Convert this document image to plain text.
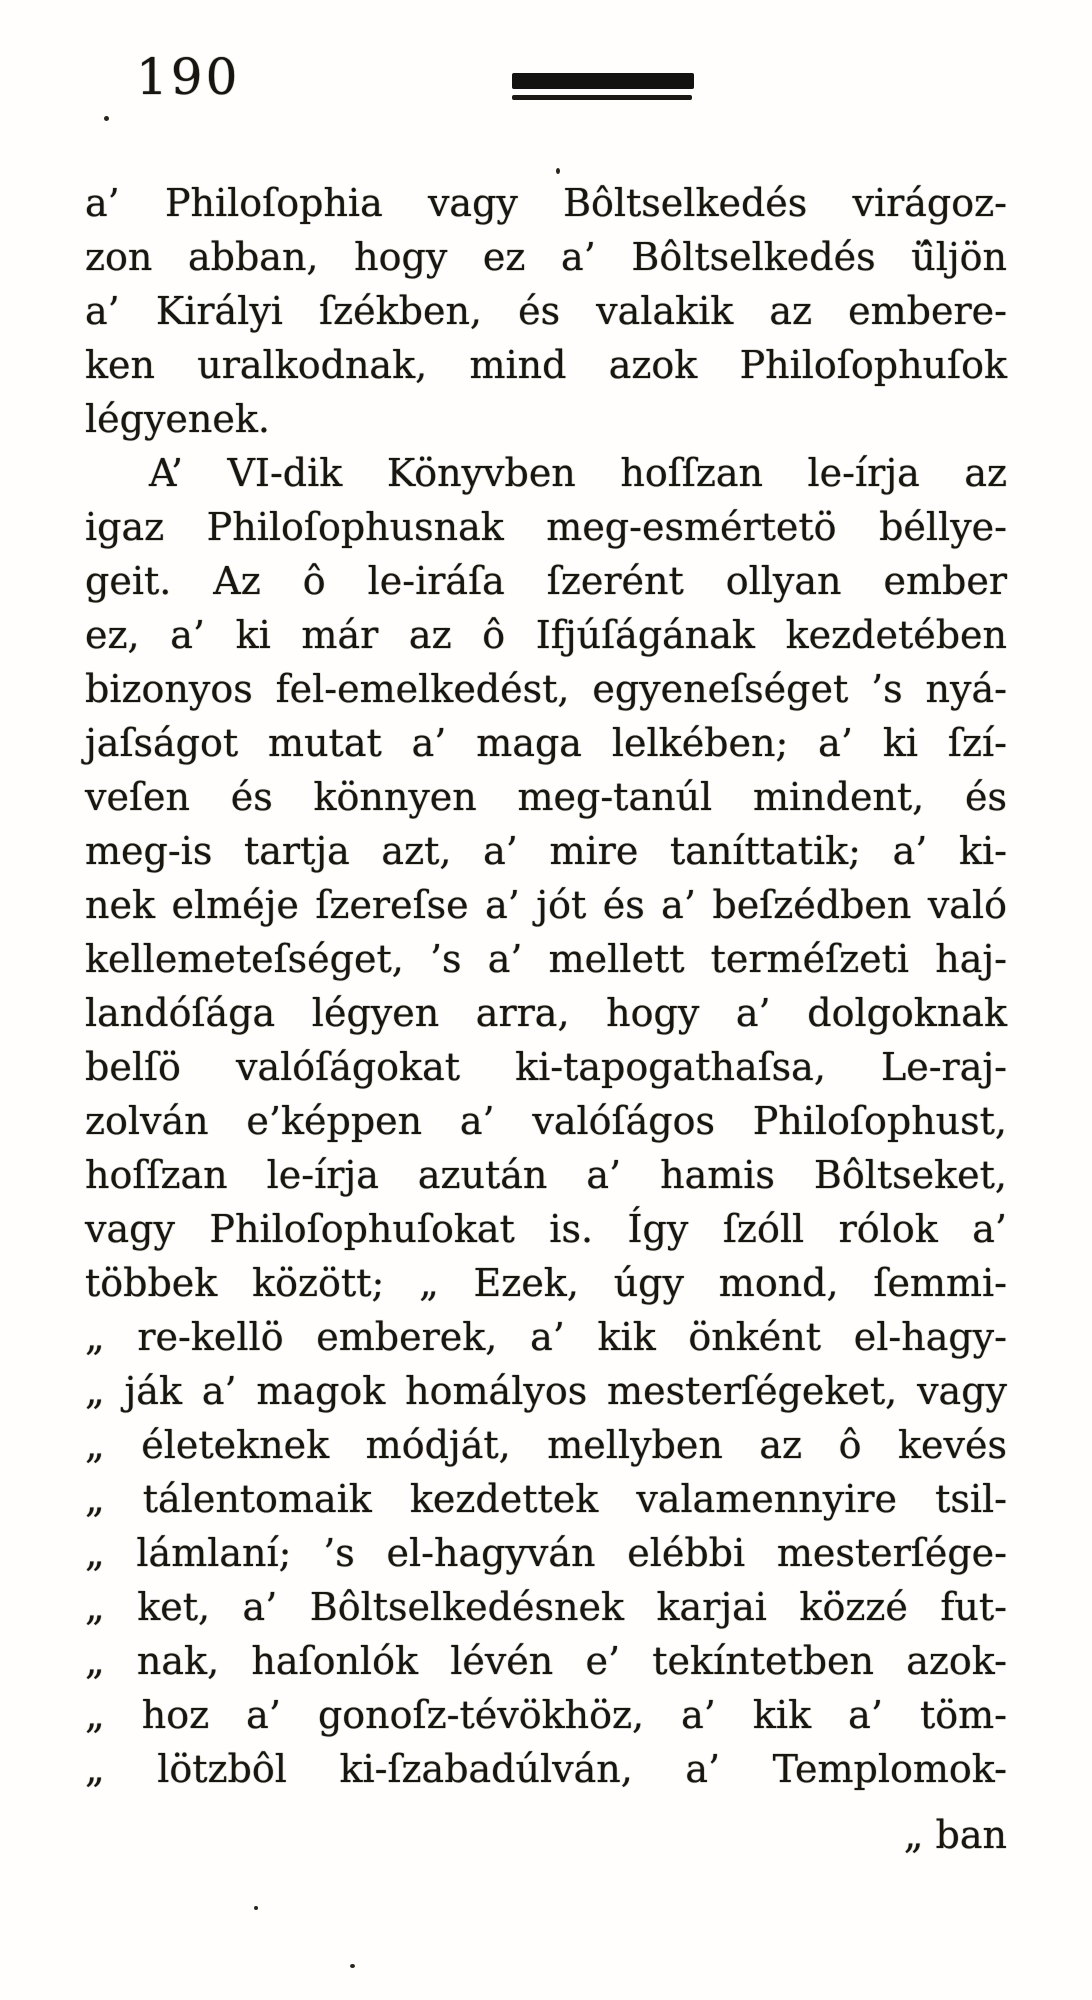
190
a’ Philoſophia vagy Bôltselkedés virágoz-
zon abban, hogy ez a’ Bôltselkedés ü̂ljön
a’ Királyi ſzékben, és valakik az embere-
ken uralkodnak, mind azok Philoſophuſok
légyenek.
A’ VI-dik Könyvben hoſſzan le-írja az
igaz Philoſophusnak meg-esmértetö béllye-
geit. Az ô le-iráſa ſzerént ollyan ember
ez, a’ ki már az ô Ifjúſágának kezdetében
bizonyos fel-emelkedést, egyeneſséget ’s nyá-
jaſságot mutat a’ maga lelkében; a’ ki ſzí-
veſen és könnyen meg-tanúl mindent, és
meg-is tartja azt, a’ mire taníttatik; a’ ki-
nek elméje ſzereſse a’ jót és a’ beſzédben való
kellemeteſséget, ’s a’ mellett terméſzeti haj-
landóſága légyen arra, hogy a’ dolgoknak
belſö valóſágokat ki-tapogathaſsa, Le-raj-
zolván e’képpen a’ valóſágos Philoſophust,
hoſſzan le-írja azután a’ hamis Bôltseket,
vagy Philoſophuſokat is. Így ſzóll rólok a’
többek között; „ Ezek, úgy mond, ſemmi-
„ re-kellö emberek, a’ kik önként el-hagy-
„ ják a’ magok homályos mesterſégeket, vagy
„ életeknek módját, mellyben az ô kevés
„ tálentomaik kezdettek valamennyire tsil-
„ lámlaní; ’s el-hagyván elébbi mesterſége-
„ ket, a’ Bôltselkedésnek karjai közzé fut-
„ nak, haſonlók lévén e’ tekíntetben azok-
„ hoz a’ gonoſz-tévökhöz, a’ kik a’ töm-
„ lötzbôl ki-ſzabadúlván, a’ Templomok-
„ ban
